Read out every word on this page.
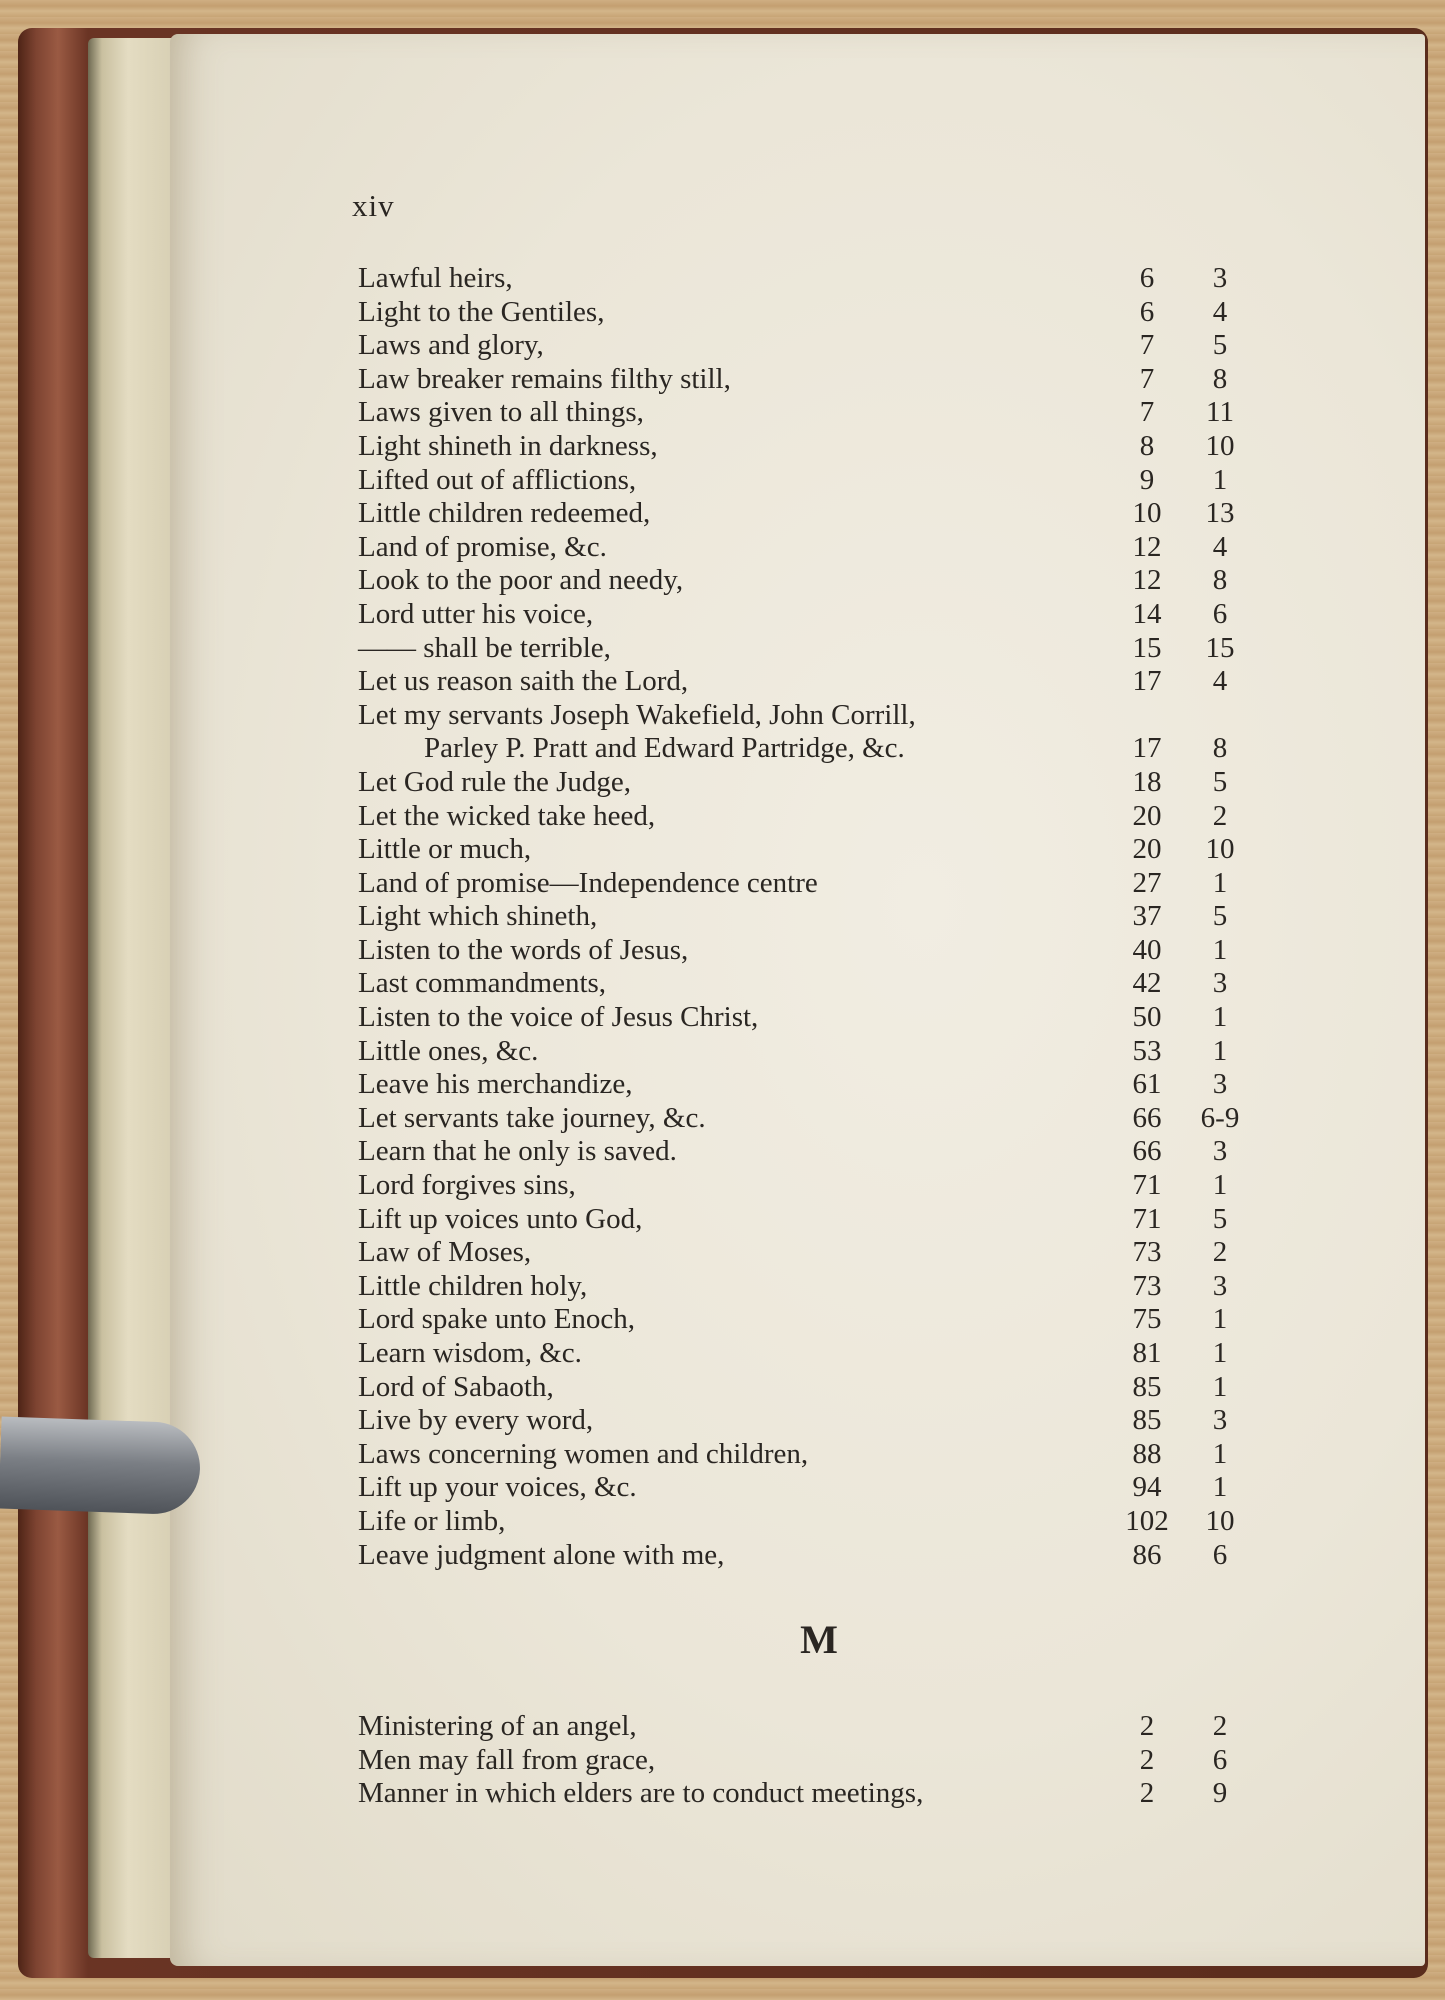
xiv
Lawful heirs,	6	3
Light to the Gentiles,	6	4
Laws and glory,	7	5
Law breaker remains filthy still,	7	8
Laws given to all things,	7	11
Light shineth in darkness,	8	10
Lifted out of afflictions,	9	1
Little children redeemed,	10	13
Land of promise, &c.	12	4
Look to the poor and needy,	12	8
Lord utter his voice,	14	6
—— shall be terrible,	15	15
Let us reason saith the Lord,	17	4
Let my servants Joseph Wakefield, John Corrill,
Parley P. Pratt and Edward Partridge, &c.	17	8
Let God rule the Judge,	18	5
Let the wicked take heed,	20	2
Little or much,	20	10
Land of promise—Independence centre	27	1
Light which shineth,	37	5
Listen to the words of Jesus,	40	1
Last commandments,	42	3
Listen to the voice of Jesus Christ,	50	1
Little ones, &c.	53	1
Leave his merchandize,	61	3
Let servants take journey, &c.	66	6-9
Learn that he only is saved.	66	3
Lord forgives sins,	71	1
Lift up voices unto God,	71	5
Law of Moses,	73	2
Little children holy,	73	3
Lord spake unto Enoch,	75	1
Learn wisdom, &c.	81	1
Lord of Sabaoth,	85	1
Live by every word,	85	3
Laws concerning women and children,	88	1
Lift up your voices, &c.	94	1
Life or limb,	102	10
Leave judgment alone with me,	86	6
M
Ministering of an angel,	2	2
Men may fall from grace,	2	6
Manner in which elders are to conduct meetings,	2	9
